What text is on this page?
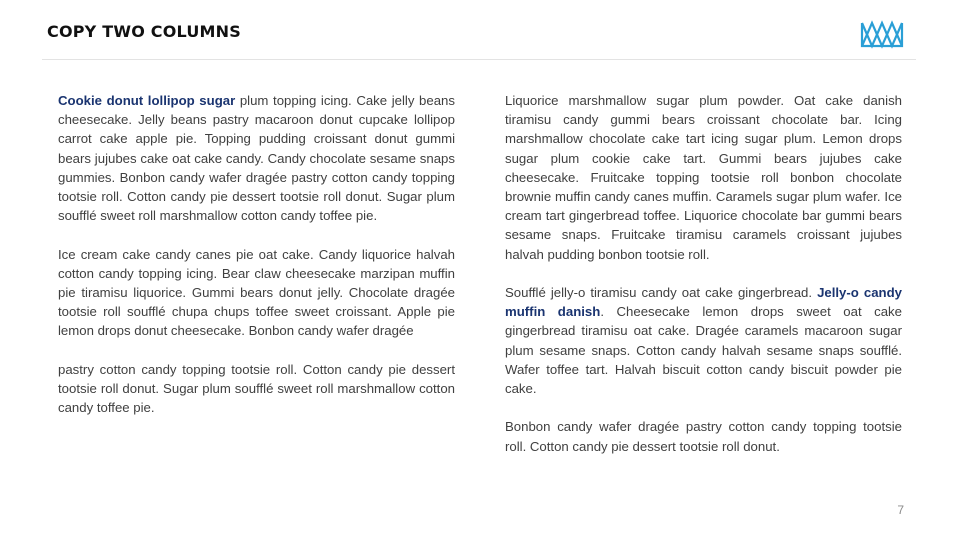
COPY TWO COLUMNS

Cookie donut lollipop sugar plum topping icing. Cake jelly beans cheesecake. Jelly beans pastry macaroon donut cupcake lollipop carrot cake apple pie. Topping pudding croissant donut gummi bears jujubes cake oat cake candy. Candy chocolate sesame snaps gummies. Bonbon candy wafer dragée pastry cotton candy topping tootsie roll. Cotton candy pie dessert tootsie roll donut. Sugar plum soufflé sweet roll marshmallow cotton candy toffee pie.

Ice cream cake candy canes pie oat cake. Candy liquorice halvah cotton candy topping icing. Bear claw cheesecake marzipan muffin pie tiramisu liquorice. Gummi bears donut jelly. Chocolate dragée tootsie roll soufflé chupa chups toffee sweet croissant. Apple pie lemon drops donut cheesecake. Bonbon candy wafer dragée

pastry cotton candy topping tootsie roll. Cotton candy pie dessert tootsie roll donut. Sugar plum soufflé sweet roll marshmallow cotton candy toffee pie.

Liquorice marshmallow sugar plum powder. Oat cake danish tiramisu candy gummi bears croissant chocolate bar. Icing marshmallow chocolate cake tart icing sugar plum. Lemon drops sugar plum cookie cake tart. Gummi bears jujubes cake cheesecake. Fruitcake topping tootsie roll bonbon chocolate brownie muffin candy canes muffin. Caramels sugar plum wafer. Ice cream tart gingerbread toffee. Liquorice chocolate bar gummi bears sesame snaps. Fruitcake tiramisu caramels croissant jujubes halvah pudding bonbon tootsie roll.

Soufflé jelly-o tiramisu candy oat cake gingerbread. Jelly-o candy muffin danish. Cheesecake lemon drops sweet oat cake gingerbread tiramisu oat cake. Dragée caramels macaroon sugar plum sesame snaps. Cotton candy halvah sesame snaps soufflé. Wafer toffee tart. Halvah biscuit cotton candy biscuit powder pie cake.

Bonbon candy wafer dragée pastry cotton candy topping tootsie roll. Cotton candy pie dessert tootsie roll donut.

7
